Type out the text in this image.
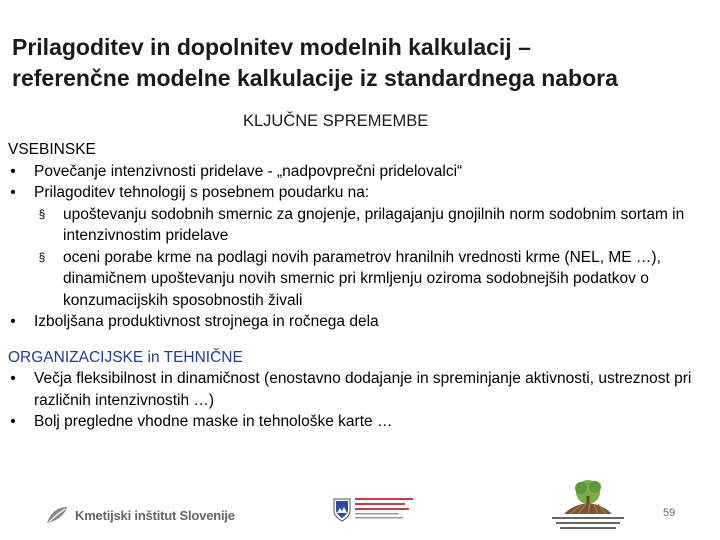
Prilagoditev in dopolnitev modelnih kalkulacij –
referenčne modelne kalkulacije iz standardnega nabora
KLJUČNE SPREMEMBE
VSEBINSKE
• Povečanje intenzivnosti pridelave - „nadpovprečni pridelovalci“
• Prilagoditev tehnologij s posebnem poudarku na:
§ upoštevanju sodobnih smernic za gnojenje, prilagajanju gnojilnih norm sodobnim sortam in intenzivnostim pridelave
§ oceni porabe krme na podlagi novih parametrov hranilnih vrednosti krme (NEL, ME …), dinamičnem upoštevanju novih smernic pri krmljenju oziroma sodobnejših podatkov o konzumacijskih sposobnostih živali
• Izboljšana produktivnost strojnega in ročnega dela
ORGANIZACIJSKE in TEHNIČNE
• Večja fleksibilnost in dinamičnost (enostavno dodajanje in spreminjanje aktivnosti, ustreznost pri različnih intenzivnostih …)
• Bolj pregledne vhodne maske in tehnološke karte …
Kmetijski inštitut Slovenije	59
